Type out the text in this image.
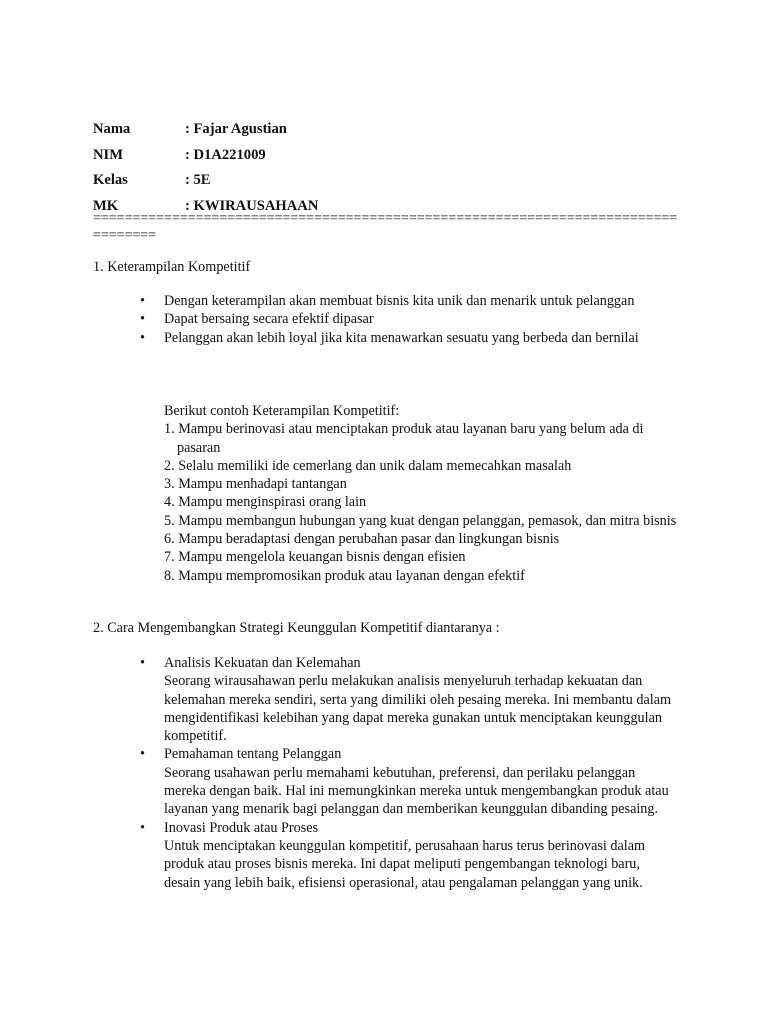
Nama	: Fajar Agustian
NIM	: D1A221009
Kelas	: 5E
MK	: KWIRAUSAHAAN
==================================================================================
1. Keterampilan Kompetitif
• Dengan keterampilan akan membuat bisnis kita unik dan menarik untuk pelanggan
• Dapat bersaing secara efektif dipasar
• Pelanggan akan lebih loyal jika kita menawarkan sesuatu yang berbeda dan bernilai
Berikut contoh Keterampilan Kompetitif:
1. Mampu berinovasi atau menciptakan produk atau layanan baru yang belum ada di pasaran
2. Selalu memiliki ide cemerlang dan unik dalam memecahkan masalah
3. Mampu menhadapi tantangan
4. Mampu menginspirasi orang lain
5. Mampu membangun hubungan yang kuat dengan pelanggan, pemasok, dan mitra bisnis
6. Mampu beradaptasi dengan perubahan pasar dan lingkungan bisnis
7. Mampu mengelola keuangan bisnis dengan efisien
8. Mampu mempromosikan produk atau layanan dengan efektif
2. Cara Mengembangkan Strategi Keunggulan Kompetitif diantaranya :
• Analisis Kekuatan dan Kelemahan
Seorang wirausahawan perlu melakukan analisis menyeluruh terhadap kekuatan dan kelemahan mereka sendiri, serta yang dimiliki oleh pesaing mereka. Ini membantu dalam mengidentifikasi kelebihan yang dapat mereka gunakan untuk menciptakan keunggulan kompetitif.
• Pemahaman tentang Pelanggan
Seorang usahawan perlu memahami kebutuhan, preferensi, dan perilaku pelanggan mereka dengan baik. Hal ini memungkinkan mereka untuk mengembangkan produk atau layanan yang menarik bagi pelanggan dan memberikan keunggulan dibanding pesaing.
• Inovasi Produk atau Proses
Untuk menciptakan keunggulan kompetitif, perusahaan harus terus berinovasi dalam produk atau proses bisnis mereka. Ini dapat meliputi pengembangan teknologi baru, desain yang lebih baik, efisiensi operasional, atau pengalaman pelanggan yang unik.
